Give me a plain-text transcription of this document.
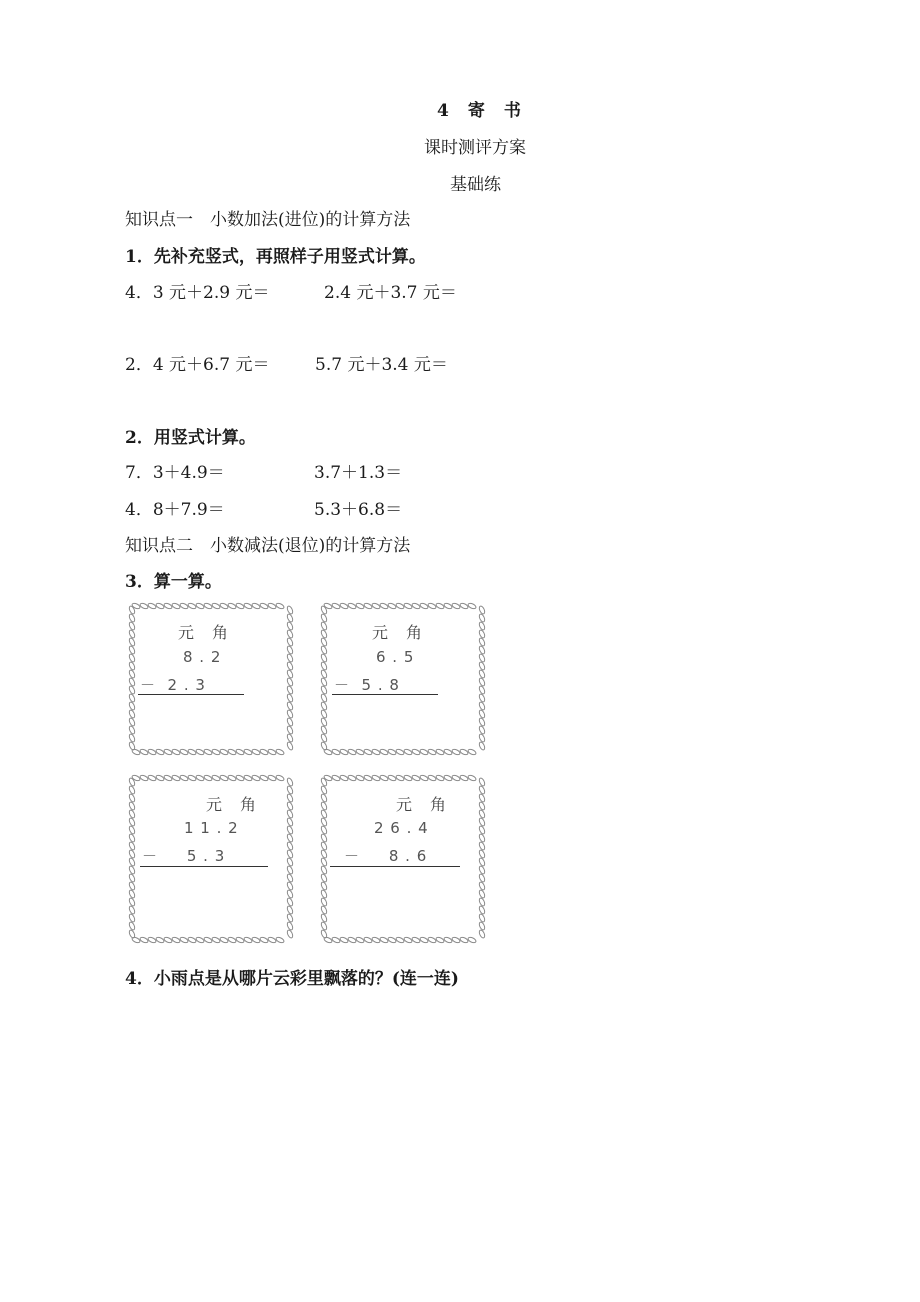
4　寄　书
课时测评方案
基础练
知识点一　小数加法(进位)的计算方法
1．先补充竖式，再照样子用竖式计算。
4．3 元＋2.9 元＝	2.4 元＋3.7 元＝
2．4 元＋6.7 元＝	5.7 元＋3.4 元＝
2．用竖式计算。
7．3＋4.9＝	3.7＋1.3＝
4．8＋7.9＝	5.3＋6.8＝
知识点二　小数减法(退位)的计算方法
3．算一算。
元　角
8 . 2
－  2 . 3
元　角
6 . 5
－  5 . 8
元　角
1 1 . 2
－     5 . 3
元　角
2 6 . 4
－     8 . 6
4．小雨点是从哪片云彩里飘落的？(连一连)
